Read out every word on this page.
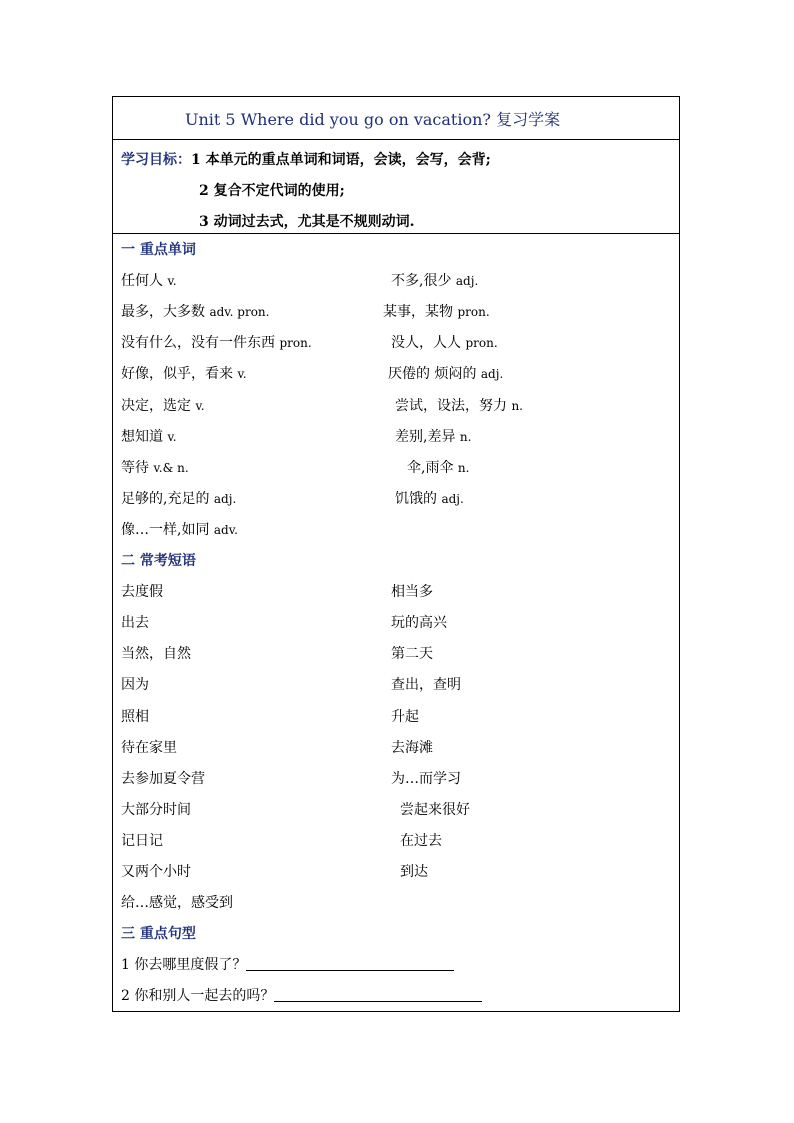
Unit 5 Where did you go on vacation? 复习学案
学习目标：1 本单元的重点单词和词语，会读，会写，会背;
2 复合不定代词的使用;
3 动词过去式，尤其是不规则动词.
一 重点单词
任何人 v.
最多，大多数 adv. pron.
没有什么，没有一件东西 pron.
好像，似乎，看来 v.
决定，选定 v.
想知道 v.
等待 v.& n.
足够的,充足的 adj.
像…一样,如同 adv.
不多,很少 adj.
某事，某物 pron.
没人，人人 pron.
厌倦的 烦闷的 adj.
尝试，设法，努力 n.
差别,差异 n.
伞,雨伞 n.
饥饿的 adj.
二 常考短语
去度假
出去
当然，自然
因为
照相
待在家里
去参加夏令营
大部分时间
记日记
又两个小时
给…感觉，感受到
相当多
玩的高兴
第二天
查出，查明
升起
去海滩
为…而学习
尝起来很好
在过去
到达
三 重点句型
1 你去哪里度假了？
2 你和别人一起去的吗？
